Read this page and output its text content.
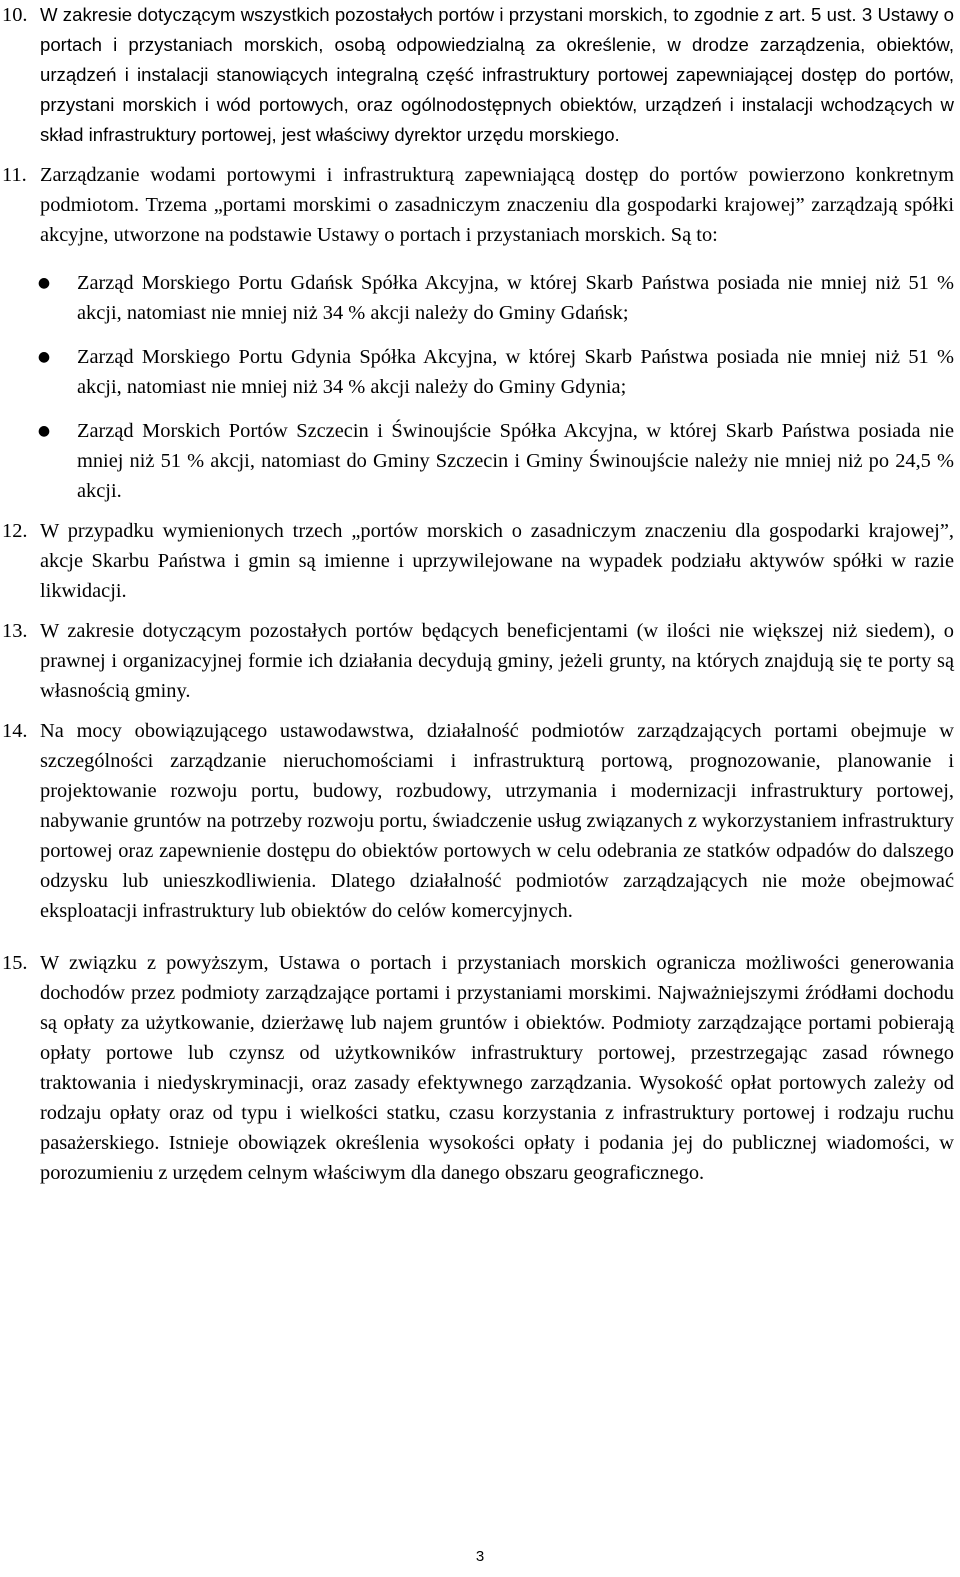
10. W zakresie dotyczącym wszystkich pozostałych portów i przystani morskich, to zgodnie z art. 5 ust. 3 Ustawy o portach i przystaniach morskich, osobą odpowiedzialną za określenie, w drodze zarządzenia, obiektów, urządzeń i instalacji stanowiących integralną część infrastruktury portowej zapewniającej dostęp do portów, przystani morskich i wód portowych, oraz ogólnodostępnych obiektów, urządzeń i instalacji wchodzących w skład infrastruktury portowej, jest właściwy dyrektor urzędu morskiego.
11. Zarządzanie wodami portowymi i infrastrukturą zapewniającą dostęp do portów powierzono konkretnym podmiotom. Trzema „portami morskimi o zasadniczym znaczeniu dla gospodarki krajowej” zarządzają spółki akcyjne, utworzone na podstawie Ustawy o portach i przystaniach morskich. Są to:
● Zarząd Morskiego Portu Gdańsk Spółka Akcyjna, w której Skarb Państwa posiada nie mniej niż 51 % akcji, natomiast nie mniej niż 34 % akcji należy do Gminy Gdańsk;
● Zarząd Morskiego Portu Gdynia Spółka Akcyjna, w której Skarb Państwa posiada nie mniej niż 51 % akcji, natomiast nie mniej niż 34 % akcji należy do Gminy Gdynia;
● Zarząd Morskich Portów Szczecin i Świnoujście Spółka Akcyjna, w której Skarb Państwa posiada nie mniej niż 51 % akcji, natomiast do Gminy Szczecin i Gminy Świnoujście należy nie mniej niż po 24,5 % akcji.
12. W przypadku wymienionych trzech „portów morskich o zasadniczym znaczeniu dla gospodarki krajowej”, akcje Skarbu Państwa i gmin są imienne i uprzywilejowane na wypadek podziału aktywów spółki w razie likwidacji.
13. W zakresie dotyczącym pozostałych portów będących beneficjentami (w ilości nie większej niż siedem), o prawnej i organizacyjnej formie ich działania decydują gminy, jeżeli grunty, na których znajdują się te porty są własnością gminy.
14. Na mocy obowiązującego ustawodawstwa, działalność podmiotów zarządzających portami obejmuje w szczególności zarządzanie nieruchomościami i infrastrukturą portową, prognozowanie, planowanie i projektowanie rozwoju portu, budowy, rozbudowy, utrzymania i modernizacji infrastruktury portowej, nabywanie gruntów na potrzeby rozwoju portu, świadczenie usług związanych z wykorzystaniem infrastruktury portowej oraz zapewnienie dostępu do obiektów portowych w celu odebrania ze statków odpadów do dalszego odzysku lub unieszkodliwienia. Dlatego działalność podmiotów zarządzających nie może obejmować eksploatacji infrastruktury lub obiektów do celów komercyjnych.
15. W związku z powyższym, Ustawa o portach i przystaniach morskich ogranicza możliwości generowania dochodów przez podmioty zarządzające portami i przystaniami morskimi. Najważniejszymi źródłami dochodu są opłaty za użytkowanie, dzierżawę lub najem gruntów i obiektów. Podmioty zarządzające portami pobierają opłaty portowe lub czynsz od użytkowników infrastruktury portowej, przestrzegając zasad równego traktowania i niedyskryminacji, oraz zasady efektywnego zarządzania. Wysokość opłat portowych zależy od rodzaju opłaty oraz od typu i wielkości statku, czasu korzystania z infrastruktury portowej i rodzaju ruchu pasażerskiego. Istnieje obowiązek określenia wysokości opłaty i podania jej do publicznej wiadomości, w porozumieniu z urzędem celnym właściwym dla danego obszaru geograficznego.
3
